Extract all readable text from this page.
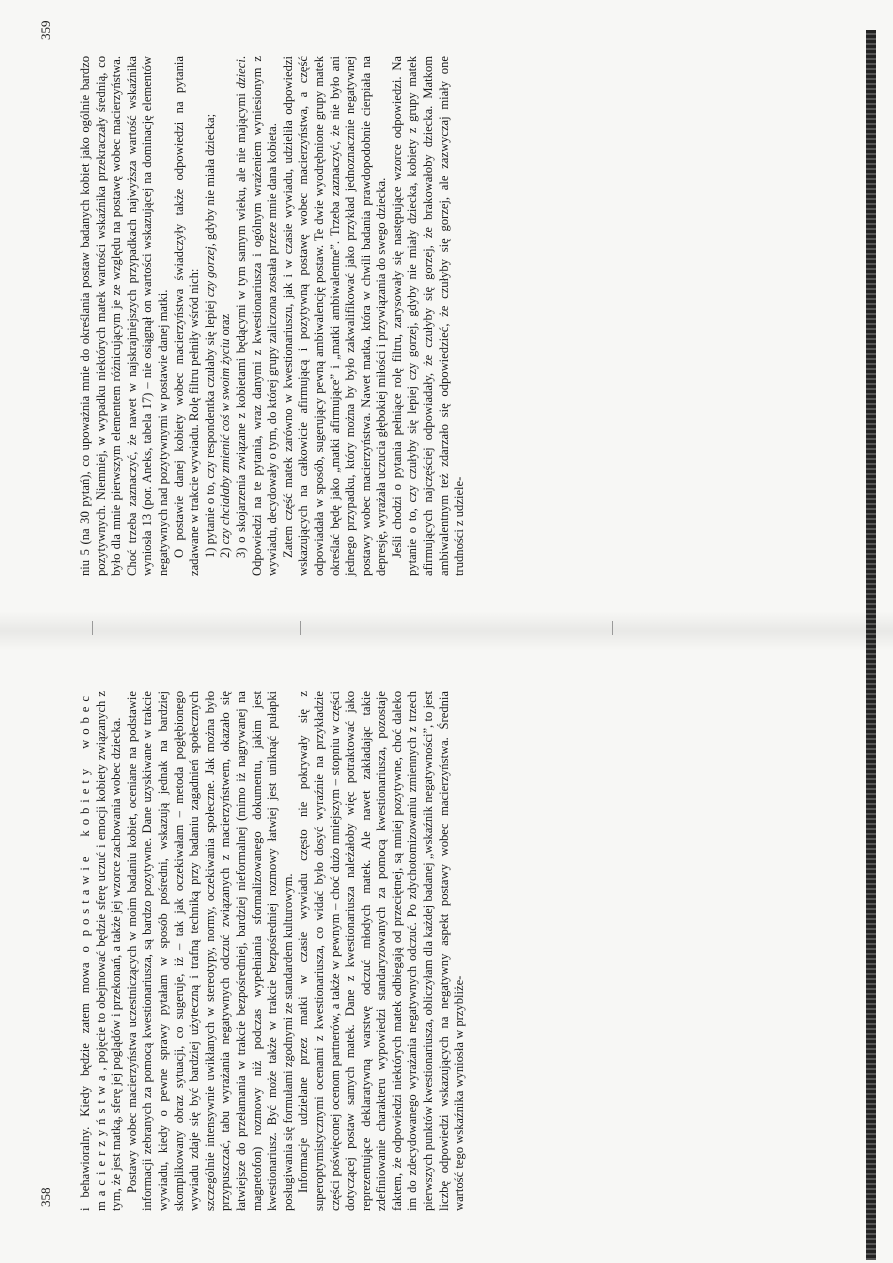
358 i behawioralny. Kiedy będzie zatem mowa o postawie kobiety wobec macierzyństwa, pojęcie to obejmować będzie sferę uczuć i emocji kobiety związanych z tym, że jest matką, sferę jej poglądów i przekonań, a także jej wzorce zachowania wobec dziecka. Postawy wobec macierzyństwa uczestniczących w moim badaniu kobiet, oceniane na podstawie informacji zebranych za pomocą kwestionariusza, są bardzo pozytywne. Dane uzyskiwane w trakcie wywiadu, kiedy o pewne sprawy pytałam w sposób pośredni, wskazują jednak na bardziej skomplikowany obraz sytuacji, co sugeruje, iż – tak jak oczekiwałam – metoda pogłębionego wywiadu zdaje się być bardziej użyteczną i trafną techniką przy badaniu zagadnień społecznych szczególnie intensywnie uwikłanych w stereotypy, normy, oczekiwania społeczne. Jak można było przypuszczać, tabu wyrażania negatywnych odczuć związanych z macierzyństwem, okazało się łatwiejsze do przełamania w trakcie bezpośredniej, bardziej nieformalnej (mimo iż nagrywanej na magnetofon) rozmowy niż podczas wypełniania sformalizowanego dokumentu, jakim jest kwestionariusz. Być może także w trakcie bezpośredniej rozmowy łatwiej jest uniknąć pułapki posługiwania się formułami zgodnymi ze standardem kulturowym. Informacje udzielane przez matki w czasie wywiadu często nie pokrywały się z superoptymistycznymi ocenami z kwestionariusza, co widać było dosyć wyraźnie na przykładzie części poświęconej ocenom partnerów, a także w pewnym – choć dużo mniejszym – stopniu w części dotyczącej postaw samych matek. Dane z kwestionariusza należałoby więc potraktować jako reprezentujące deklaratywną warstwę odczuć młodych matek. Ale nawet zakładając takie zdefiniowanie charakteru wypowiedzi standaryzowanych za pomocą kwestionariusza, pozostaje faktem, że odpowiedzi niektórych matek odbiegają od przeciętnej, są mniej pozytywne, choć daleko im do zdecydowanego wyrażania negatywnych odczuć. Po zdychotomizowaniu zmiennych z trzech pierwszych punktów kwestionariusza, obliczyłam dla każdej badanej „wskaźnik negatywności”, to jest liczbę odpowiedzi wskazujących na negatywny aspekt postawy wobec macierzyństwa. Średnia wartość tego wskaźnika wyniosła w przybliże-

359

niu 5 (na 30 pytań), co upoważnia mnie do określania postaw badanych kobiet jako ogólnie bardzo pozytywnych. Niemniej, w wypadku niektórych matek wartości wskaźnika przekraczały średnią, co było dla mnie pierwszym elementem różnicującym je ze względu na postawę wobec macierzyństwa. Choć trzeba zaznaczyć, że nawet w najskrajniejszych przypadkach najwyższa wartość wskaźnika wyniosła 13 (por. Aneks, tabela 17) – nie osiągnął on wartości wskazującej na dominację elementów negatywnych nad pozytywnymi w postawie danej matki. O postawie danej kobiety wobec macierzyństwa świadczyły także odpowiedzi na pytania zadawane w trakcie wywiadu. Rolę filtru pełniły wśród nich: 1) pytanie o to, czy respondentka czułaby się lepiej czy gorzej, gdyby nie miała dziecka;

2) czy chciałaby zmienić coś w swoim życiu oraz 3) o skojarzenia związane z kobietami będącymi w tym samym wieku, ale nie mającymi dzieci. Odpowiedzi na te pytania, wraz danymi z kwestionariusza i ogólnym wrażeniem wyniesionym z wywiadu, decydowały o tym, do której grupy zaliczona została przeze mnie dana kobieta. Zatem część matek zarówno w kwestionariuszu, jak i w czasie wywiadu, udzieliła odpowiedzi wskazujących na całkowicie afirmującą i pozytywną postawę wobec macierzyństwa, a część odpowiadała w sposób, sugerujący pewną ambiwalencję postaw. Te dwie wyodrębnione grupy matek określać będę jako „matki afirmujące” i „matki ambiwalentne”. Trzeba zaznaczyć, że nie było ani jednego przypadku, który można by było zakwalifikować jako przykład jednoznacznie negatywnej postawy wobec macierzyństwa. Nawet matka, która w chwili badania prawdopodobnie cierpiała na depresję, wyrażała uczucia głębokiej miłości i przywiązania do swego dziecka. Jeśli chodzi o pytania pełniące rolę filtru, zarysowały się następujące wzorce odpowiedzi. Na pytanie o to, czy czułyby się lepiej czy gorzej, gdyby nie miały dziecka, kobiety z grupy matek afirmujących najczęściej odpowiadały, że czułyby się gorzej, że brakowałoby dziecka. Matkom ambiwalentnym też zdarzało się odpowiedzieć, że czułyby się gorzej, ale zazwyczaj miały one trudności z udziele-
